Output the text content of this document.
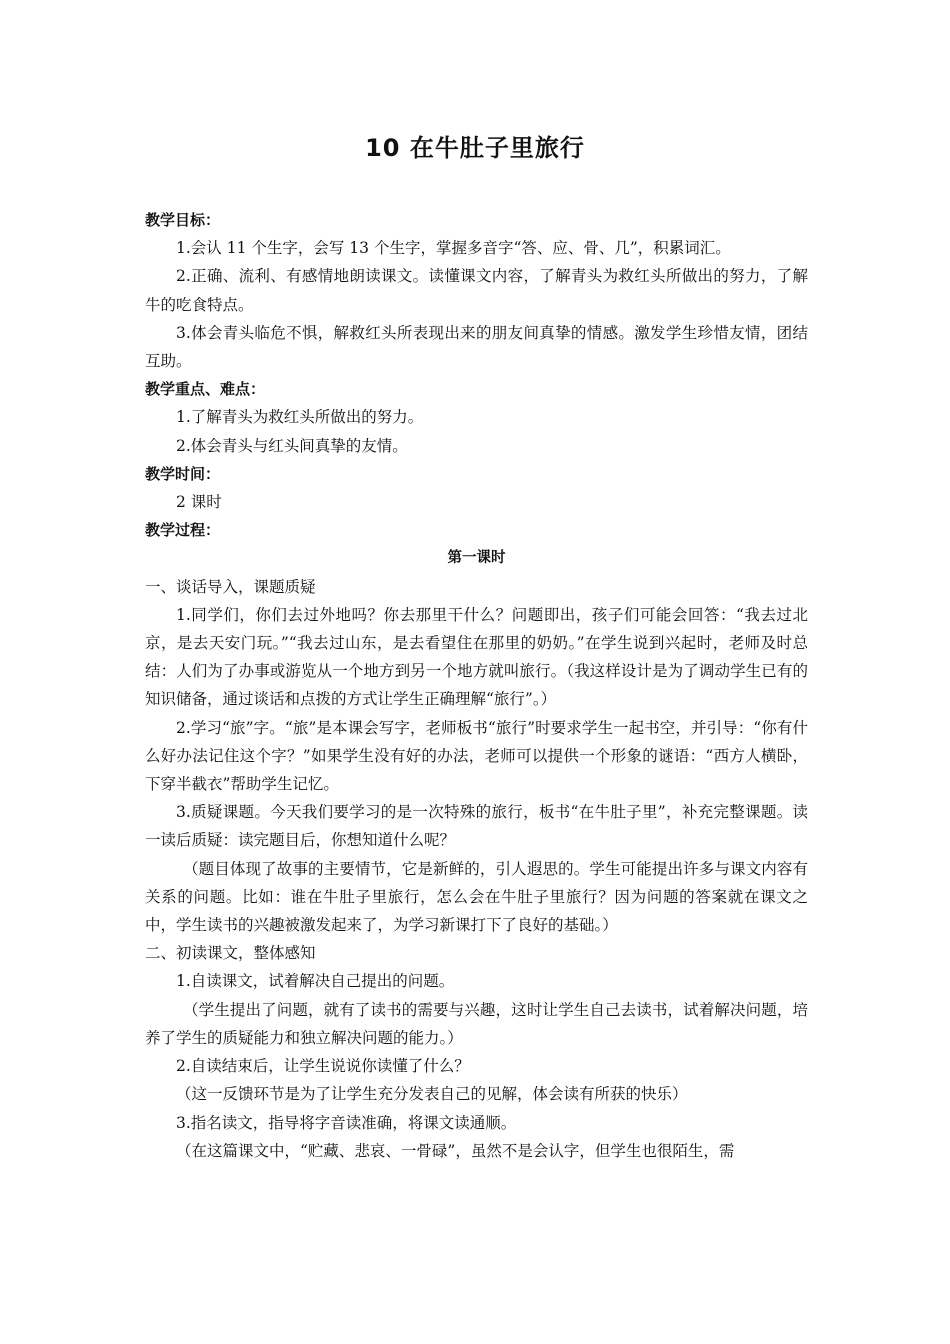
10 在牛肚子里旅行

教学目标：

1.会认 11 个生字，会写 13 个生字，掌握多音字“答、应、骨、几”，积累词汇。

2.正确、流利、有感情地朗读课文。读懂课文内容，了解青头为救红头所做出的努力，了解牛的吃食特点。

3.体会青头临危不惧，解救红头所表现出来的朋友间真挚的情感。激发学生珍惜友情，团结互助。

教学重点、难点：

1.了解青头为救红头所做出的努力。

2.体会青头与红头间真挚的友情。

教学时间：

2 课时

教学过程：

第一课时

一、谈话导入，课题质疑

1.同学们，你们去过外地吗？你去那里干什么？问题即出，孩子们可能会回答：“我去过北京，是去天安门玩。”“我去过山东，是去看望住在那里的奶奶。”在学生说到兴起时，老师及时总结：人们为了办事或游览从一个地方到另一个地方就叫旅行。（我这样设计是为了调动学生已有的知识储备，通过谈话和点拨的方式让学生正确理解“旅行”。）

2.学习“旅”字。“旅”是本课会写字，老师板书“旅行”时要求学生一起书空，并引导：“你有什么好办法记住这个字？”如果学生没有好的办法，老师可以提供一个形象的谜语：“西方人横卧，下穿半截衣”帮助学生记忆。

3.质疑课题。今天我们要学习的是一次特殊的旅行，板书“在牛肚子里”，补充完整课题。读一读后质疑：读完题目后，你想知道什么呢？

（题目体现了故事的主要情节，它是新鲜的，引人遐思的。学生可能提出许多与课文内容有关系的问题。比如：谁在牛肚子里旅行，怎么会在牛肚子里旅行？因为问题的答案就在课文之中，学生读书的兴趣被激发起来了，为学习新课打下了良好的基础。）

二、初读课文，整体感知

1.自读课文，试着解决自己提出的问题。

（学生提出了问题，就有了读书的需要与兴趣，这时让学生自己去读书，试着解决问题，培养了学生的质疑能力和独立解决问题的能力。）

2.自读结束后，让学生说说你读懂了什么？

（这一反馈环节是为了让学生充分发表自己的见解，体会读有所获的快乐）

3.指名读文，指导将字音读准确，将课文读通顺。

（在这篇课文中，“贮藏、悲哀、一骨碌”，虽然不是会认字，但学生也很陌生，需
